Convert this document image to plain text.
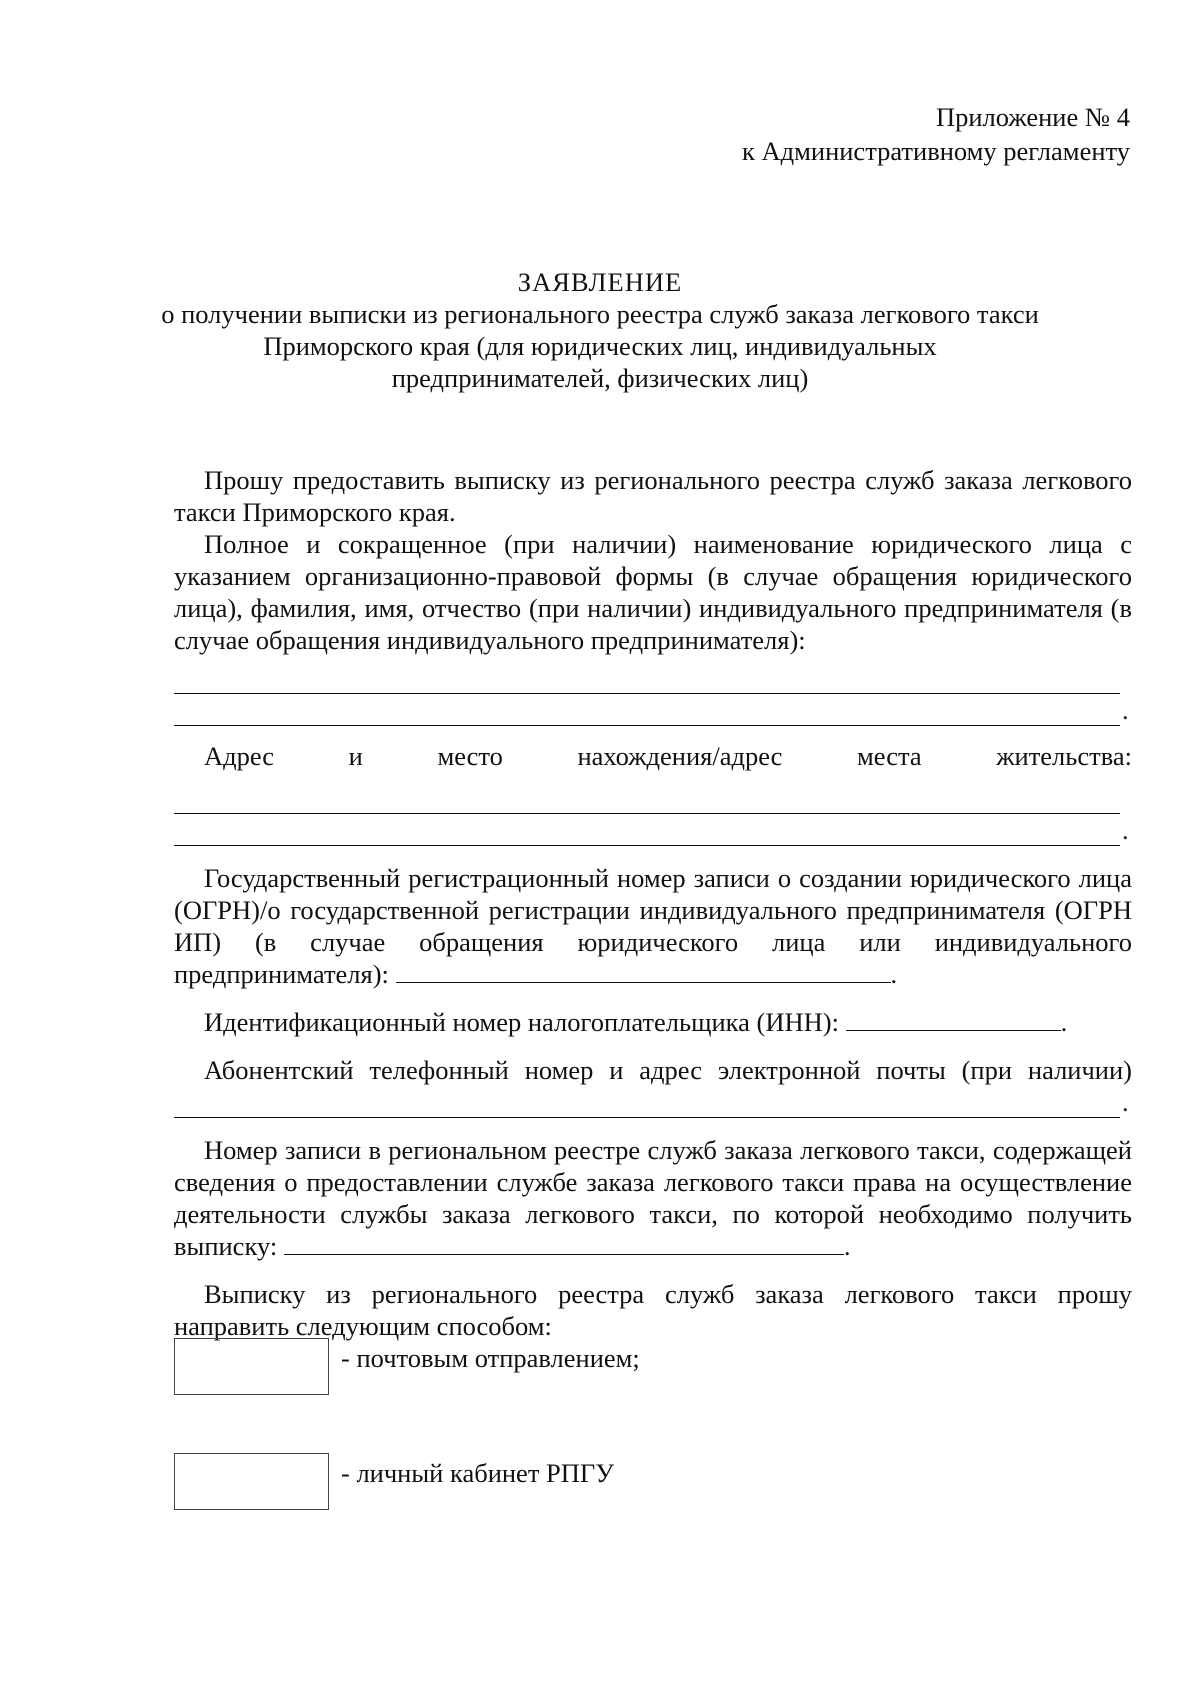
Приложение № 4
к Административному регламенту
ЗАЯВЛЕНИЕ
о получении выписки из регионального реестра служб заказа легкового такси
Приморского края (для юридических лиц, индивидуальных
предпринимателей, физических лиц)

Прошу предоставить выписку из регионального реестра служб заказа легкового такси Приморского края.

Полное и сокращенное (при наличии) наименование юридического лица с указанием организационно-правовой формы (в случае обращения юридического лица), фамилия, имя, отчество (при наличии) индивидуального предпринимателя (в случае обращения индивидуального предпринимателя):

.
Адрес	и	место	нахождения/адрес	места	жительства:
.

Государственный регистрационный номер записи о создании юридического лица (ОГРН)/о государственной регистрации индивидуального предпринимателя (ОГРН ИП) (в случае обращения юридического лица или индивидуального предпринимателя):	.

Идентификационный номер налогоплательщика (ИНН):	.

Абонентский телефонный номер и адрес электронной почты (при наличии)

.

Номер записи в региональном реестре служб заказа легкового такси, содержащей сведения о предоставлении службе заказа легкового такси права на осуществление деятельности службы заказа легкового такси, по которой необходимо получить выписку:	.

Выписку из регионального реестра служб заказа легкового такси прошу направить следующим способом:

- почтовым отправлением;
- личный кабинет РПГУ
